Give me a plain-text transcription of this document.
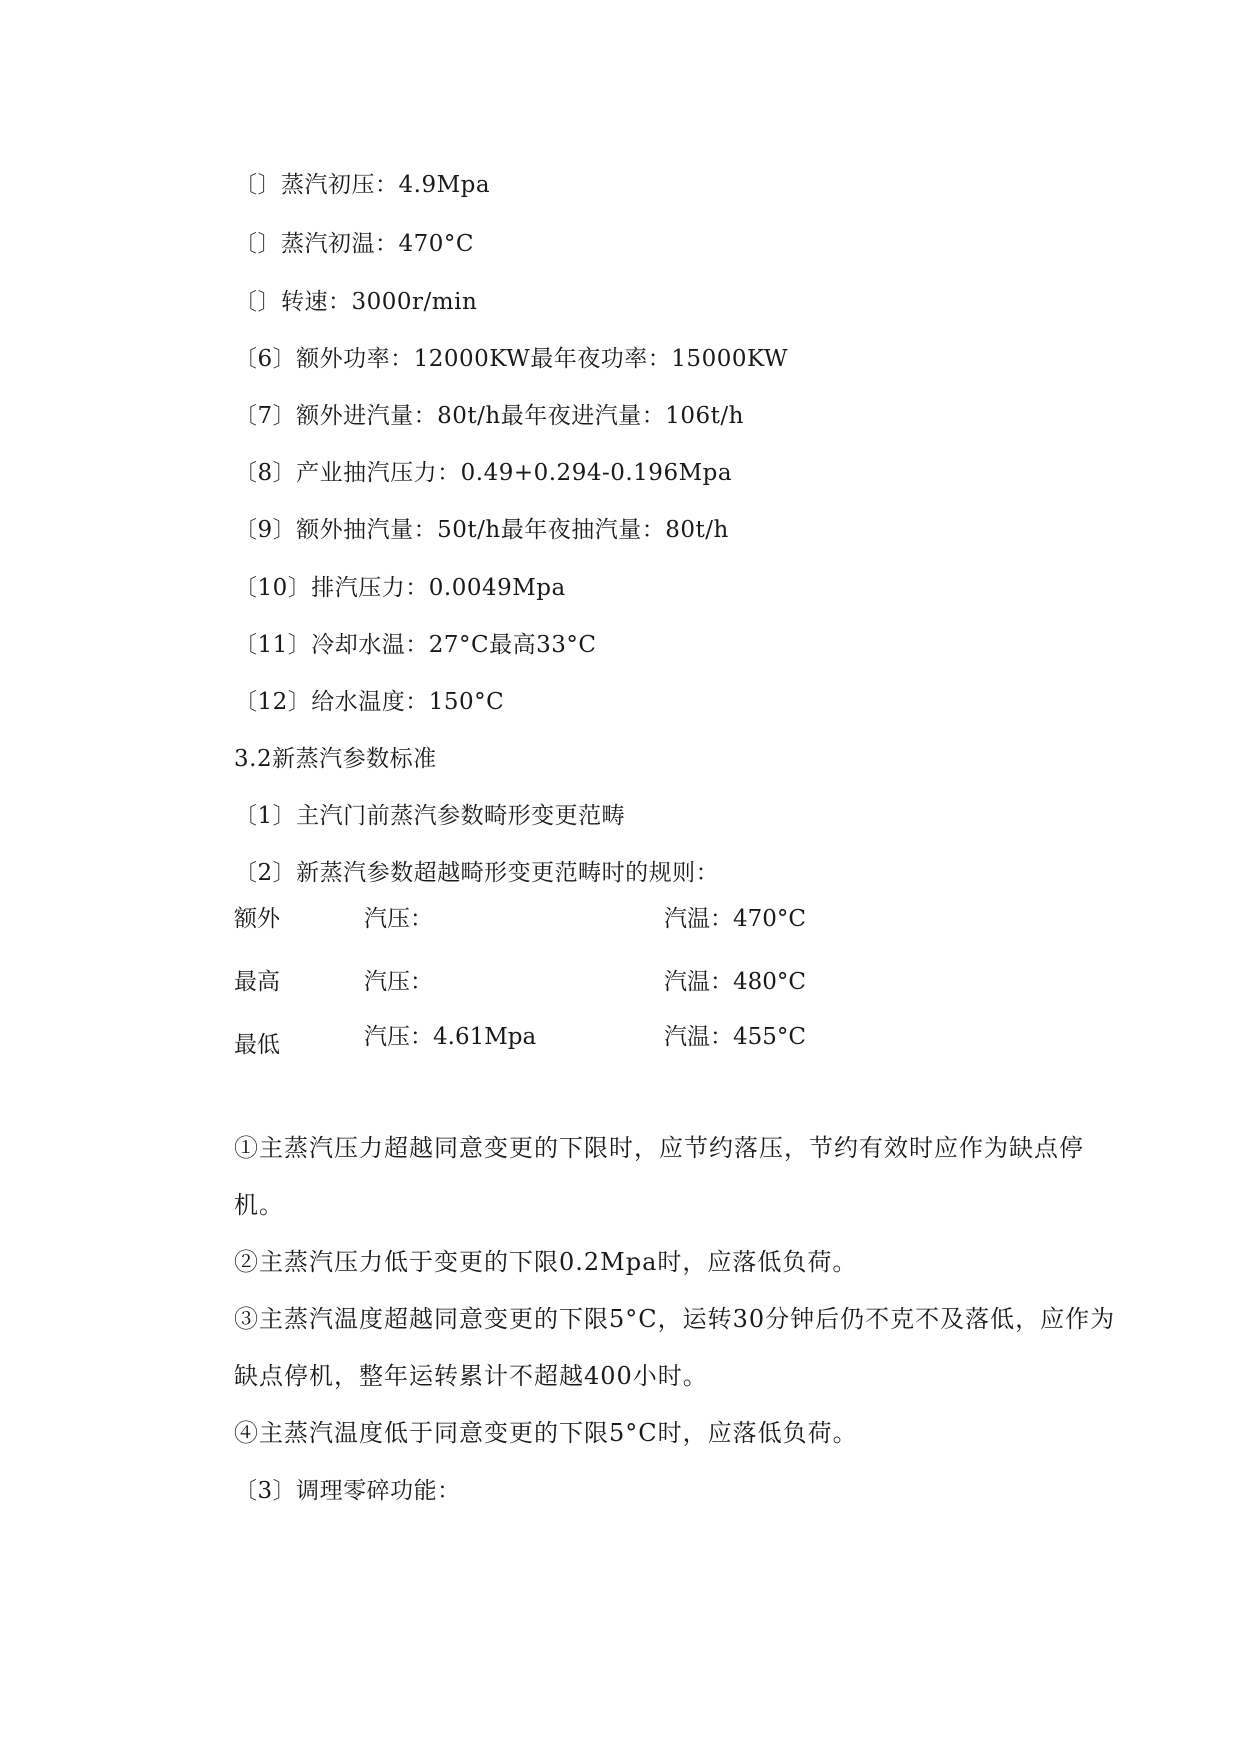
〔〕蒸汽初压：4.9Mpa
〔〕蒸汽初温：470°C
〔〕转速：3000r/min
〔6〕额外功率：12000KW最年夜功率：15000KW
〔7〕额外进汽量：80t/h最年夜进汽量：106t/h
〔8〕产业抽汽压力：0.49+0.294-0.196Mpa
〔9〕额外抽汽量：50t/h最年夜抽汽量：80t/h
〔10〕排汽压力：0.0049Mpa
〔11〕冷却水温：27°C最高33°C
〔12〕给水温度：150°C
3.2新蒸汽参数标准
〔1〕主汽门前蒸汽参数畸形变更范畴
〔2〕新蒸汽参数超越畸形变更范畴时的规则：
额外	汽压：	汽温：470°C
最高	汽压：	汽温：480°C
最低	汽压：4.61Mpa	汽温：455°C
①主蒸汽压力超越同意变更的下限时，应节约落压，节约有效时应作为缺点停
机。
②主蒸汽压力低于变更的下限0.2Mpa时，应落低负荷。
③主蒸汽温度超越同意变更的下限5°C，运转30分钟后仍不克不及落低，应作为
缺点停机，整年运转累计不超越400小时。
④主蒸汽温度低于同意变更的下限5°C时，应落低负荷。
〔3〕调理零碎功能：
